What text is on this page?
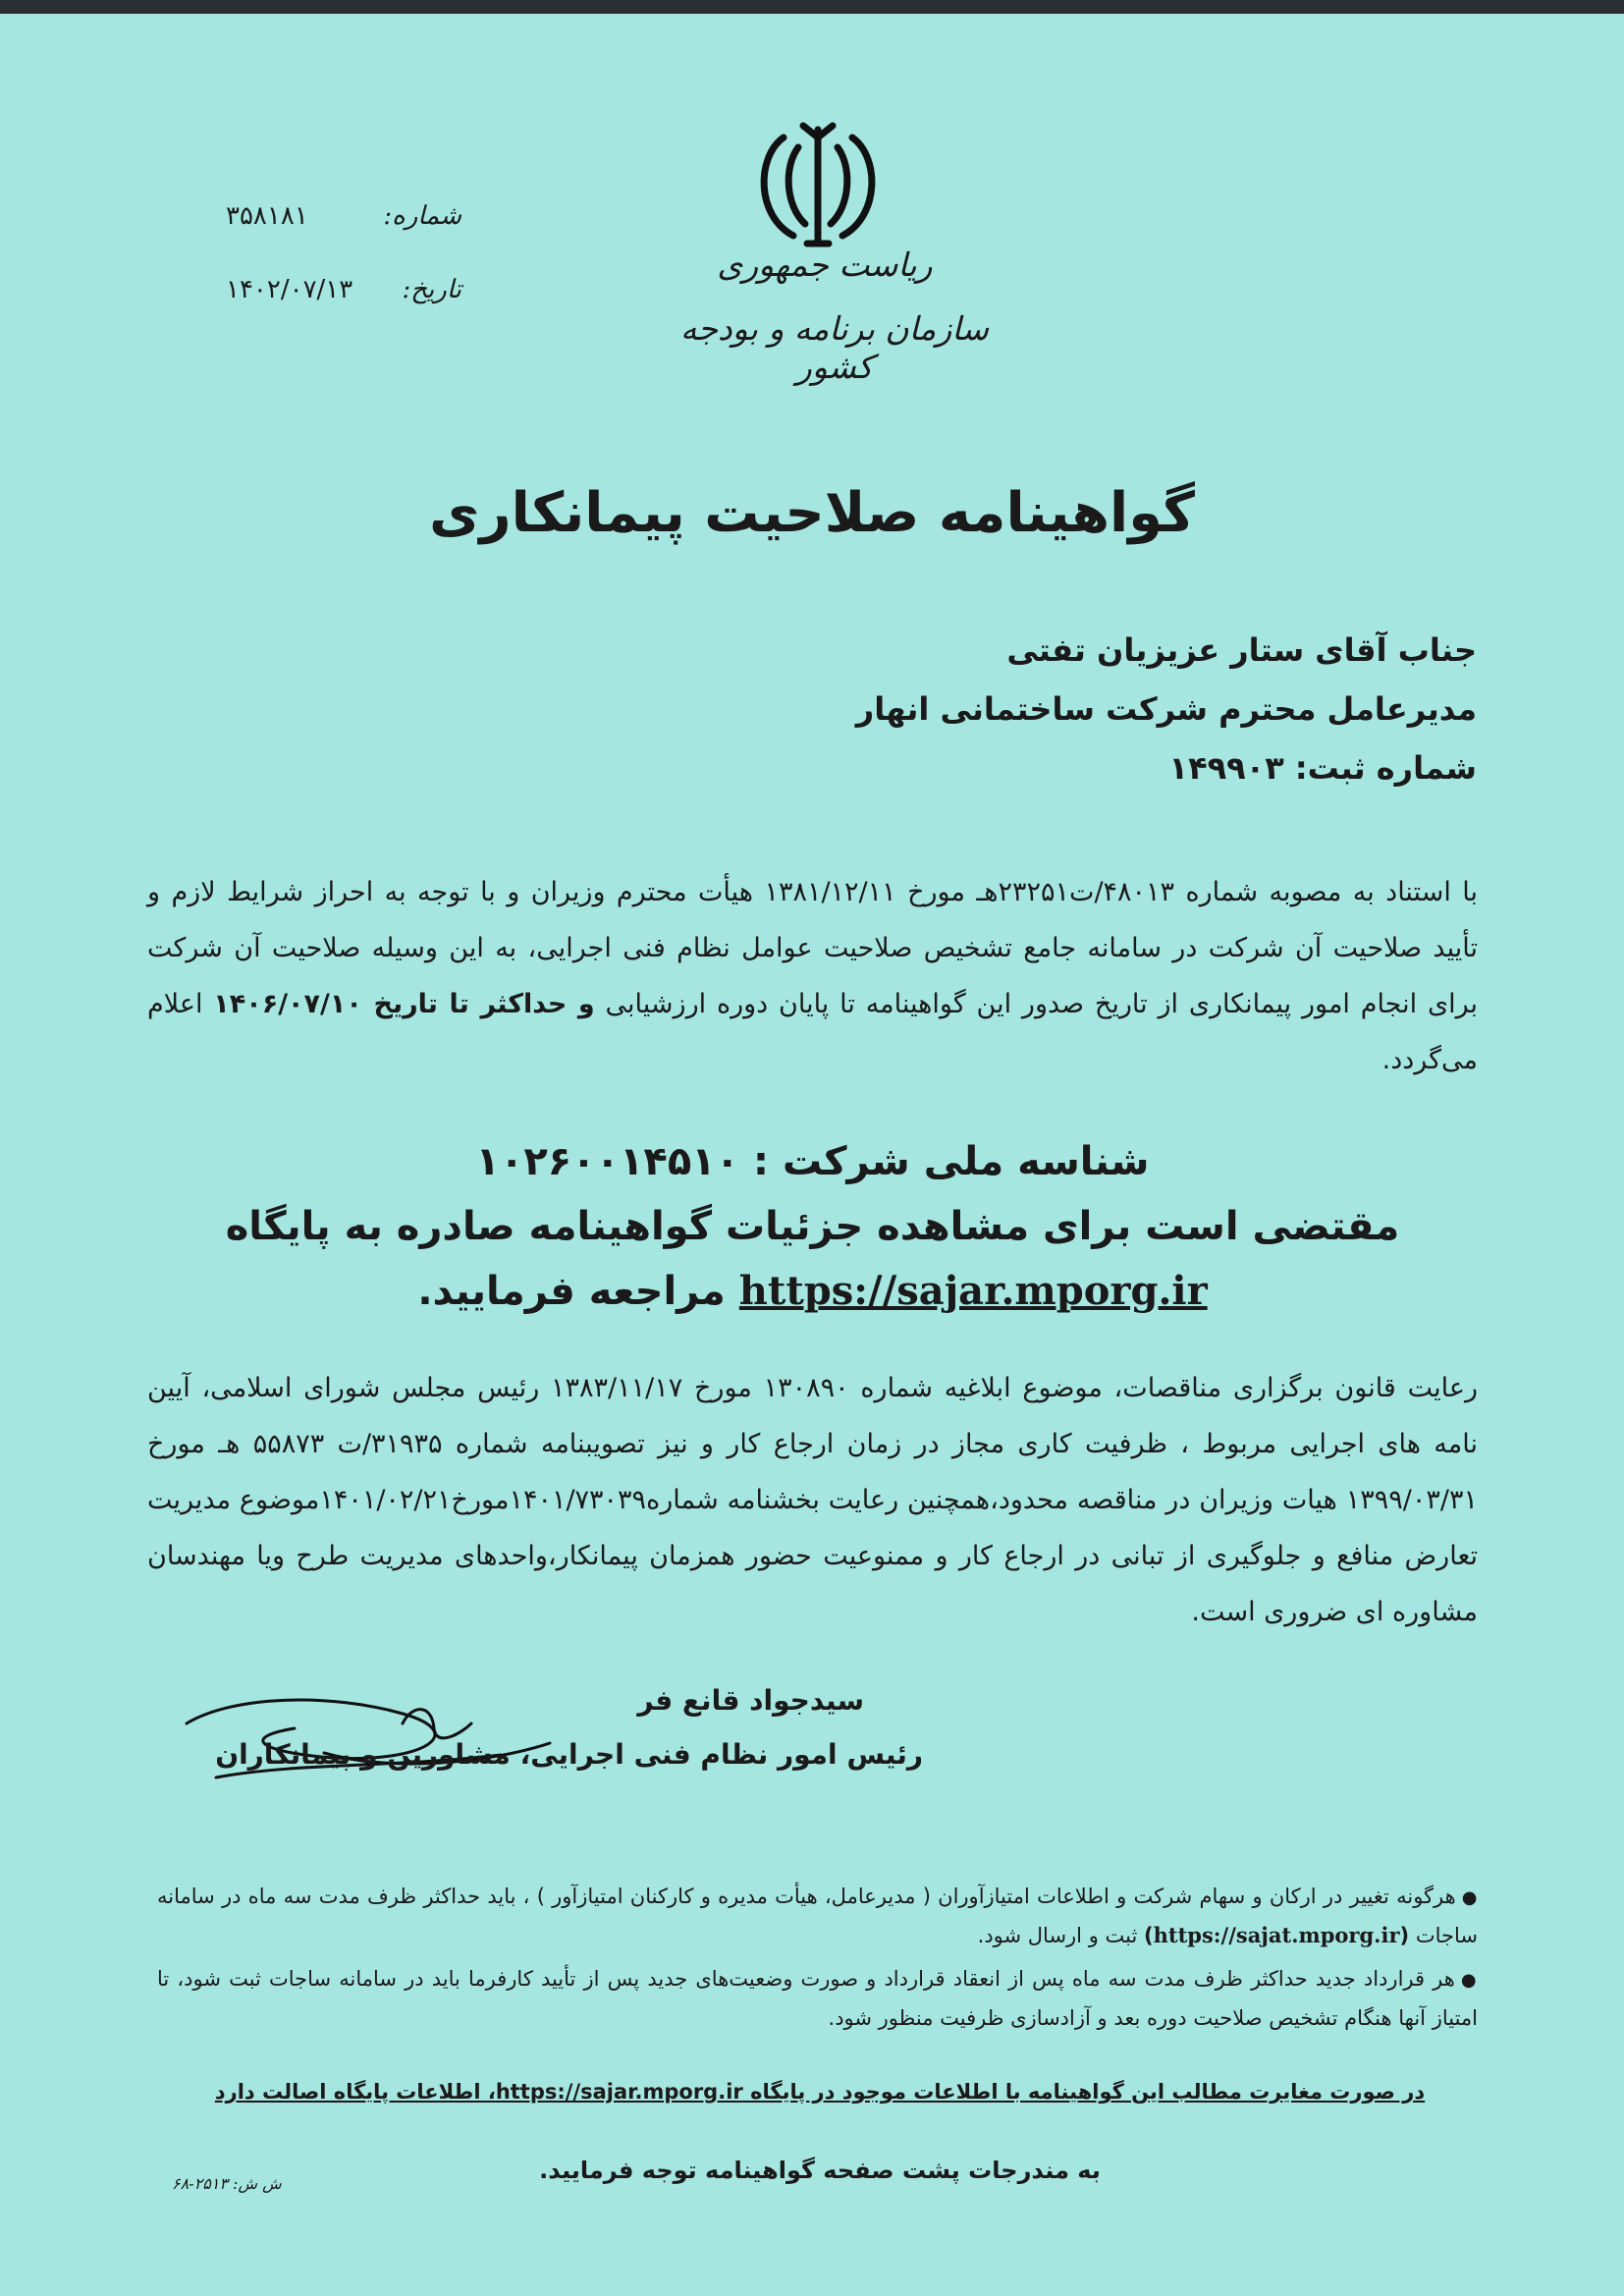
ریاست جمهوری
سازمان برنامه و بودجه کشور
شماره:
۳۵۸۱۸۱
تاریخ:
۱۴۰۲/۰۷/۱۳
گواهینامه صلاحیت پیمانکاری
جناب آقای ستار عزیزیان تفتی
مدیرعامل محترم شرکت ساختمانی انهار
شماره ثبت: ۱۴۹۹۰۳
با استناد به مصوبه شماره ۴۸۰۱۳/ت۲۳۲۵۱هـ مورخ ۱۳۸۱/۱۲/۱۱ هیأت محترم وزیران و با توجه به احراز شرایط لازم و تأیید صلاحیت آن شرکت در سامانه جامع تشخیص صلاحیت عوامل نظام فنی اجرایی، به این وسیله صلاحیت آن شرکت برای انجام امور پیمانکاری از تاریخ صدور این گواهینامه تا پایان دوره ارزشیابی و حداکثر تا تاریخ ۱۴۰۶/۰۷/۱۰ اعلام می‌گردد.
شناسه ملی شرکت : ۱۰۲۶۰۰۱۴۵۱۰
مقتضی است برای مشاهده جزئیات گواهینامه صادره به پایگاه
https://sajar.mporg.ir مراجعه فرمایید.
رعایت قانون برگزاری مناقصات، موضوع ابلاغیه شماره ۱۳۰۸۹۰ مورخ ۱۳۸۳/۱۱/۱۷ رئیس مجلس شورای اسلامی، آیین نامه های اجرایی مربوط ، ظرفیت کاری مجاز در زمان ارجاع کار و نیز تصویبنامه شماره ۳۱۹۳۵/ت ۵۵۸۷۳ هـ مورخ ۱۳۹۹/۰۳/۳۱ هیات وزیران در مناقصه محدود،همچنین رعایت بخشنامه شماره۱۴۰۱/۷۳۰۳۹مورخ۱۴۰۱/۰۲/۲۱موضوع مدیریت تعارض منافع و جلوگیری از تبانی در ارجاع کار و ممنوعیت حضور همزمان پیمانکار،واحدهای مدیریت طرح ویا مهندسان مشاوره ای ضروری است.
سیدجواد قانع فر
رئیس امور نظام فنی اجرایی، مشاورین و پیمانکاران

●هرگونه تغییر در ارکان و سهام شرکت و اطلاعات امتیازآوران ( مدیرعامل، هیأت مدیره و کارکنان امتیازآور ) ، باید حداکثر ظرف مدت سه ماه در سامانه ساجات (https://sajat.mporg.ir) ثبت و ارسال شود.

●هر قرارداد جدید حداکثر ظرف مدت سه ماه پس از انعقاد قرارداد و صورت وضعیت‌های جدید پس از تأیید کارفرما باید در سامانه ساجات ثبت شود، تا امتیاز آنها هنگام تشخیص صلاحیت دوره بعد و آزادسازی ظرفیت منظور شود.

در صورت مغایرت مطالب این گواهینامه با اطلاعات موجود در پایگاه https://sajar.mporg.ir، اطلاعات پایگاه اصالت دارد
به مندرجات پشت صفحه گواهینامه توجه فرمایید.
ش ش: ۲۵۱۳-۶۸
